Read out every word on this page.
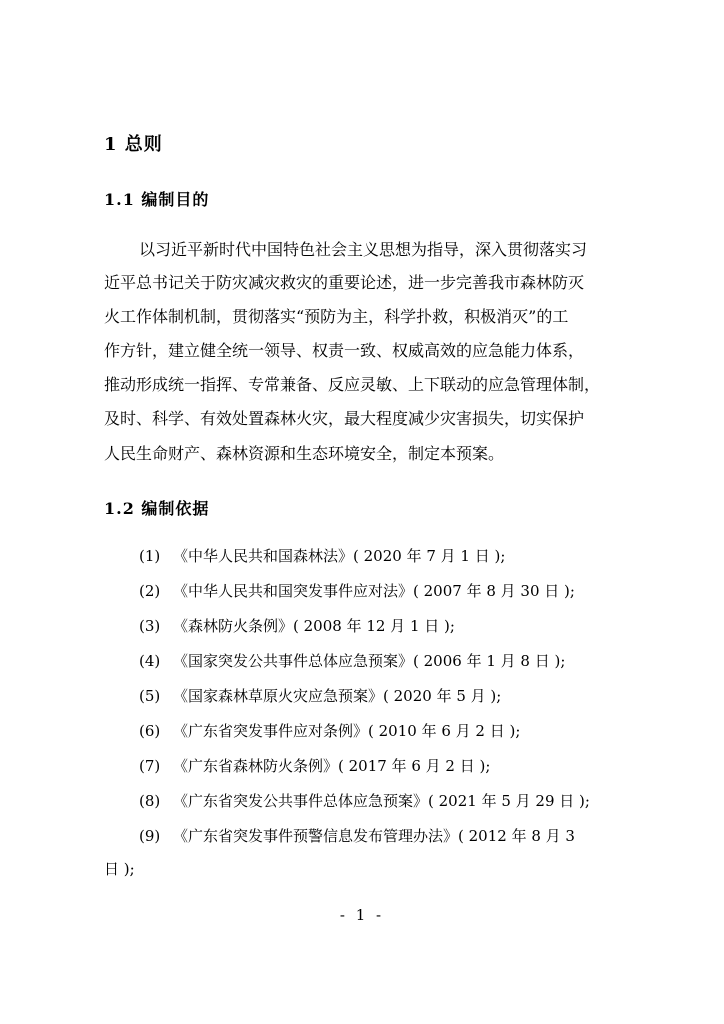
1 总则
1.1 编制目的
以习近平新时代中国特色社会主义思想为指导，深入贯彻落实习
近平总书记关于防灾减灾救灾的重要论述，进一步完善我市森林防灭
火工作体制机制，贯彻落实“预防为主，科学扑救，积极消灭”的工
作方针，建立健全统一领导、权责一致、权威高效的应急能力体系，
推动形成统一指挥、专常兼备、反应灵敏、上下联动的应急管理体制，
及时、科学、有效处置森林火灾，最大程度减少灾害损失，切实保护
人民生命财产、森林资源和生态环境安全，制定本预案。
1.2 编制依据
(1) 《中华人民共和国森林法》( 2020 年 7 月 1 日 );
(2) 《中华人民共和国突发事件应对法》( 2007 年 8 月 30 日 );
(3) 《森林防火条例》( 2008 年 12 月 1 日 );
(4) 《国家突发公共事件总体应急预案》( 2006 年 1 月 8 日 );
(5) 《国家森林草原火灾应急预案》( 2020 年 5 月 );
(6) 《广东省突发事件应对条例》( 2010 年 6 月 2 日 );
(7) 《广东省森林防火条例》( 2017 年 6 月 2 日 );
(8) 《广东省突发公共事件总体应急预案》( 2021 年 5 月 29 日 );
(9) 《广东省突发事件预警信息发布管理办法》( 2012 年 8 月 3
日 );
- 1 -
